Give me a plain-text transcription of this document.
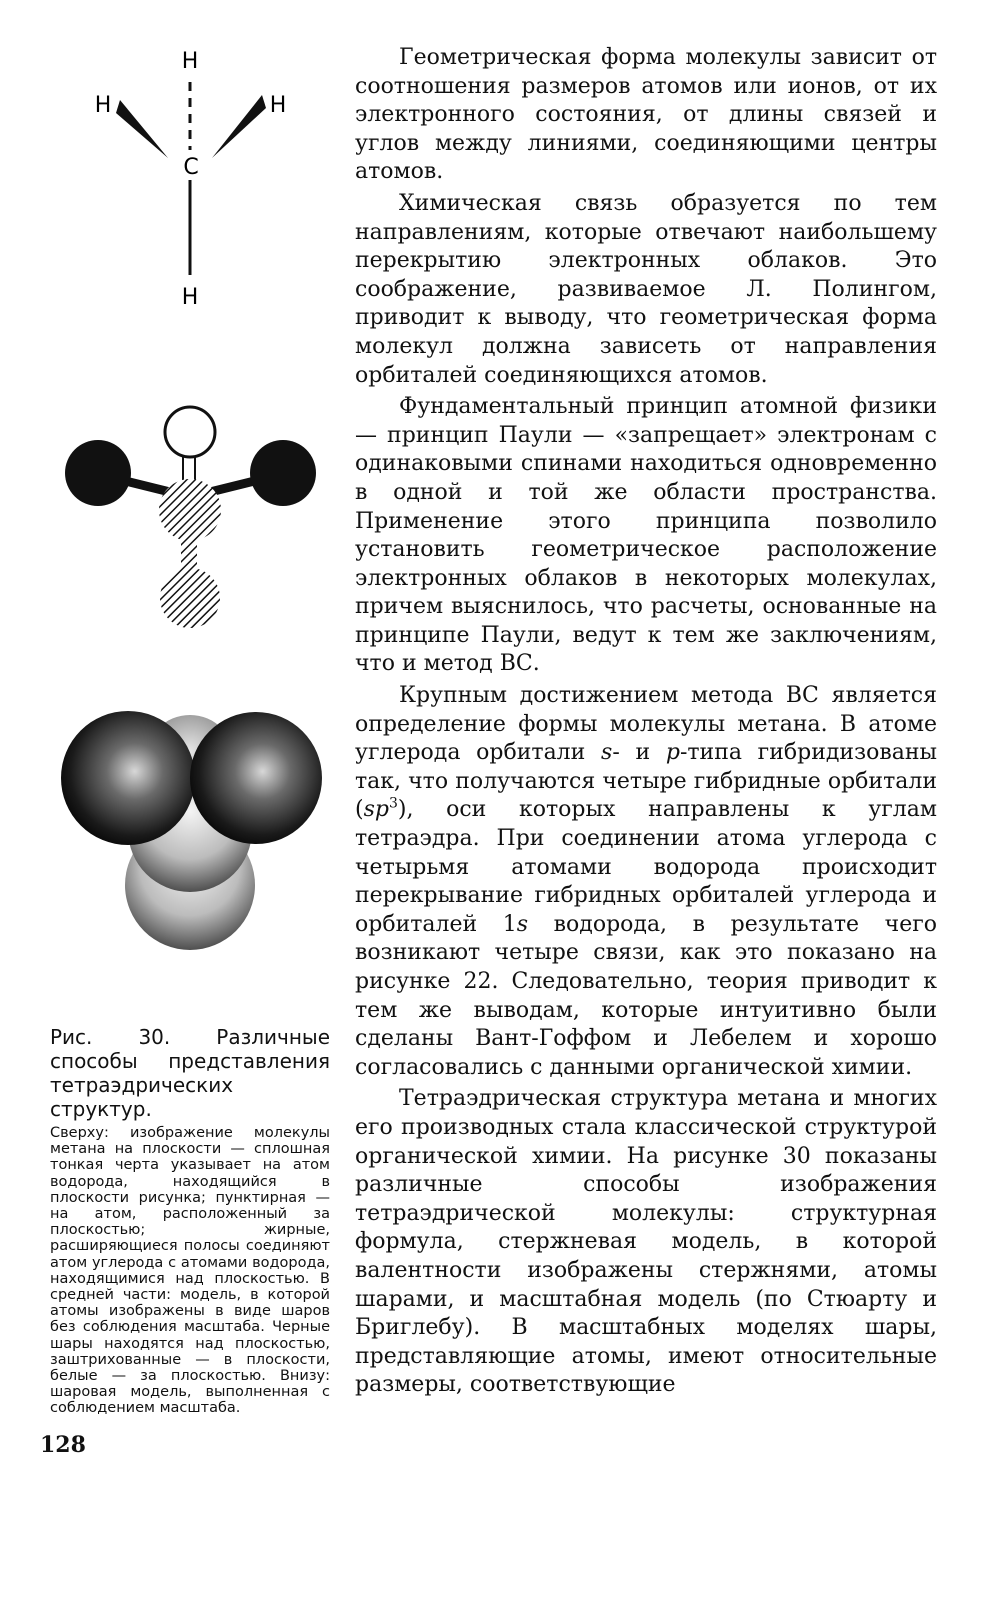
H
H	H
C
H

Рис. 30. Различные способы представления тетраэдрических структур.

Сверху: изображение молекулы метана на плоскости — сплошная тонкая черта указывает на атом водорода, находящийся в плоскости рисунка; пунктирная — на атом, расположенный за плоскостью; жирные, расширяющиеся полосы соединяют атом углерода с атомами водорода, находящимися над плоскостью. В средней части: модель, в которой атомы изображены в виде шаров без соблюдения масштаба. Черные шары находятся над плоскостью, заштрихованные — в плоскости, белые — за плоскостью. Внизу: шаровая модель, выполненная с соблюдением масштаба.

128

Геометрическая форма молекулы зависит от соотношения размеров атомов или ионов, от их электронного состояния, от длины связей и углов между линиями, соединяющими центры атомов.

Химическая связь образуется по тем направлениям, которые отвечают наибольшему перекрытию электронных облаков. Это соображение, развиваемое Л. Полингом, приводит к выводу, что геометрическая форма молекул должна зависеть от направления орбиталей соединяющихся атомов.

Фундаментальный принцип атомной физики — принцип Паули — «запрещает» электронам с одинаковыми спинами находиться одновременно в одной и той же области пространства. Применение этого принципа позволило установить геометрическое расположение электронных облаков в некоторых молекулах, причем выяснилось, что расчеты, основанные на принципе Паули, ведут к тем же заключениям, что и метод ВС.

Крупным достижением метода ВС является определение формы молекулы метана. В атоме углерода орбитали s- и p-типа гибридизованы так, что получаются четыре гибридные орбитали $(sp^3)$, оси которых направлены к углам тетраэдра. При соединении атома углерода с четырьмя атомами водорода происходит перекрывание гибридных орбиталей углерода и орбиталей 1s водорода, в результате чего возникают четыре связи, как это показано на рисунке 22. Следовательно, теория приводит к тем же выводам, которые интуитивно были сделаны Вант-Гоффом и Лебелем и хорошо согласовались с данными органической химии.

Тетраэдрическая структура метана и многих его производных стала классической структурой органической химии. На рисунке 30 показаны различные способы изображения тетраэдрической молекулы: структурная формула, стержневая модель, в которой валентности изображены стержнями, атомы шарами, и масштабная модель (по Стюарту и Бриглебу). В масштабных моделях шары, представляющие атомы, имеют относительные размеры, соответствующие
